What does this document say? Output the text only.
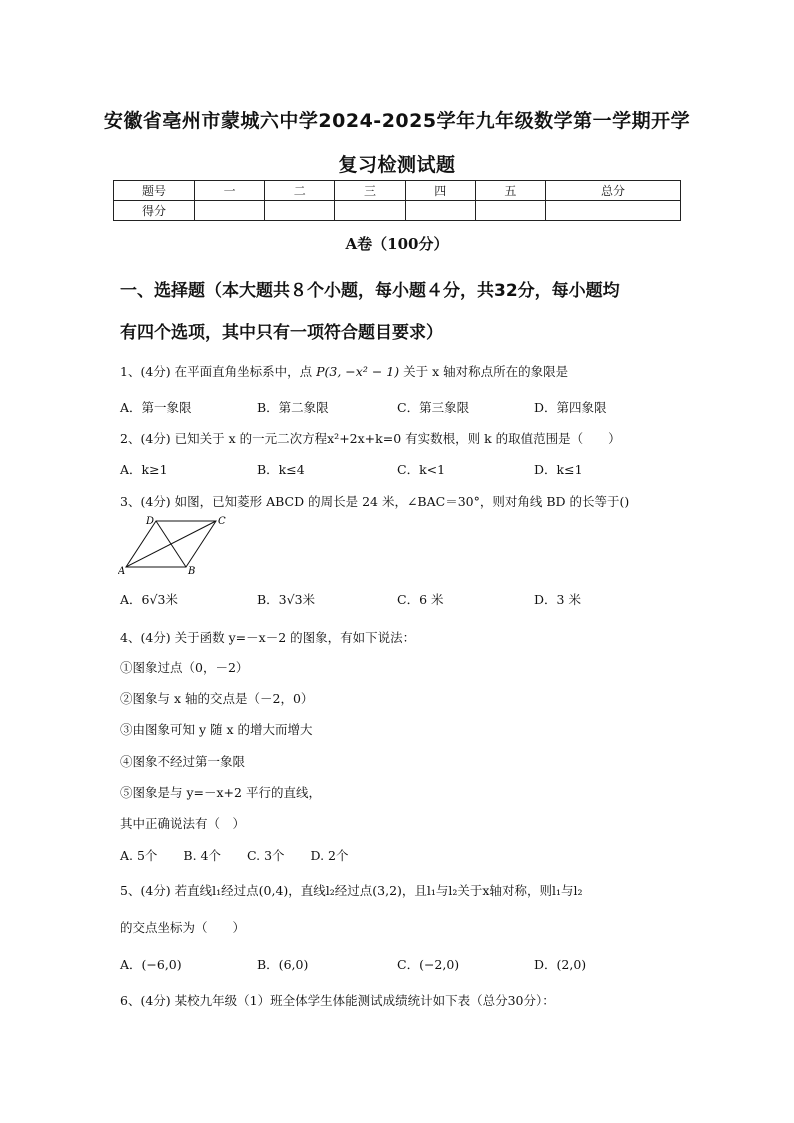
安徽省亳州市蒙城六中学2024-2025学年九年级数学第一学期开学
复习检测试题
题号	一	二	三	四	五	总分
得分						
A卷（100分）
一、选择题（本大题共８个小题，每小题４分，共32分，每小题均
有四个选项，其中只有一项符合题目要求）
1、(4分) 在平面直角坐标系中，点 P(3, −x² − 1) 关于 x 轴对称点所在的象限是
A．第一象限	B．第二象限	C．第三象限	D．第四象限
2、(4分) 已知关于 x 的一元二次方程x²+2x+k=0 有实数根，则 k 的取值范围是（　　）
A．k≥1	B．k≤4	C．k<1	D．k≤1
3、(4分) 如图，已知菱形 ABCD 的周长是 24 米，∠BAC＝30°，则对角线 BD 的长等于()
D	C
A	B
A．6√3米	B．3√3米	C．6 米	D．3 米
4、(4分) 关于函数 y=－x－2 的图象，有如下说法：
①图象过点（0，－2）
②图象与 x 轴的交点是（－2，0）
③由图象可知 y 随 x 的增大而增大
④图象不经过第一象限
⑤图象是与 y=－x+2 平行的直线，
其中正确说法有（　）
A. 5个 B. 4个 C. 3个 D. 2个
5、(4分) 若直线l₁经过点(0,4)，直线l₂经过点(3,2)，且l₁与l₂关于x轴对称，则l₁与l₂
的交点坐标为（　　）
A．(−6,0)	B．(6,0)	C．(−2,0)	D．(2,0)
6、(4分) 某校九年级（1）班全体学生体能测试成绩统计如下表（总分30分）：
